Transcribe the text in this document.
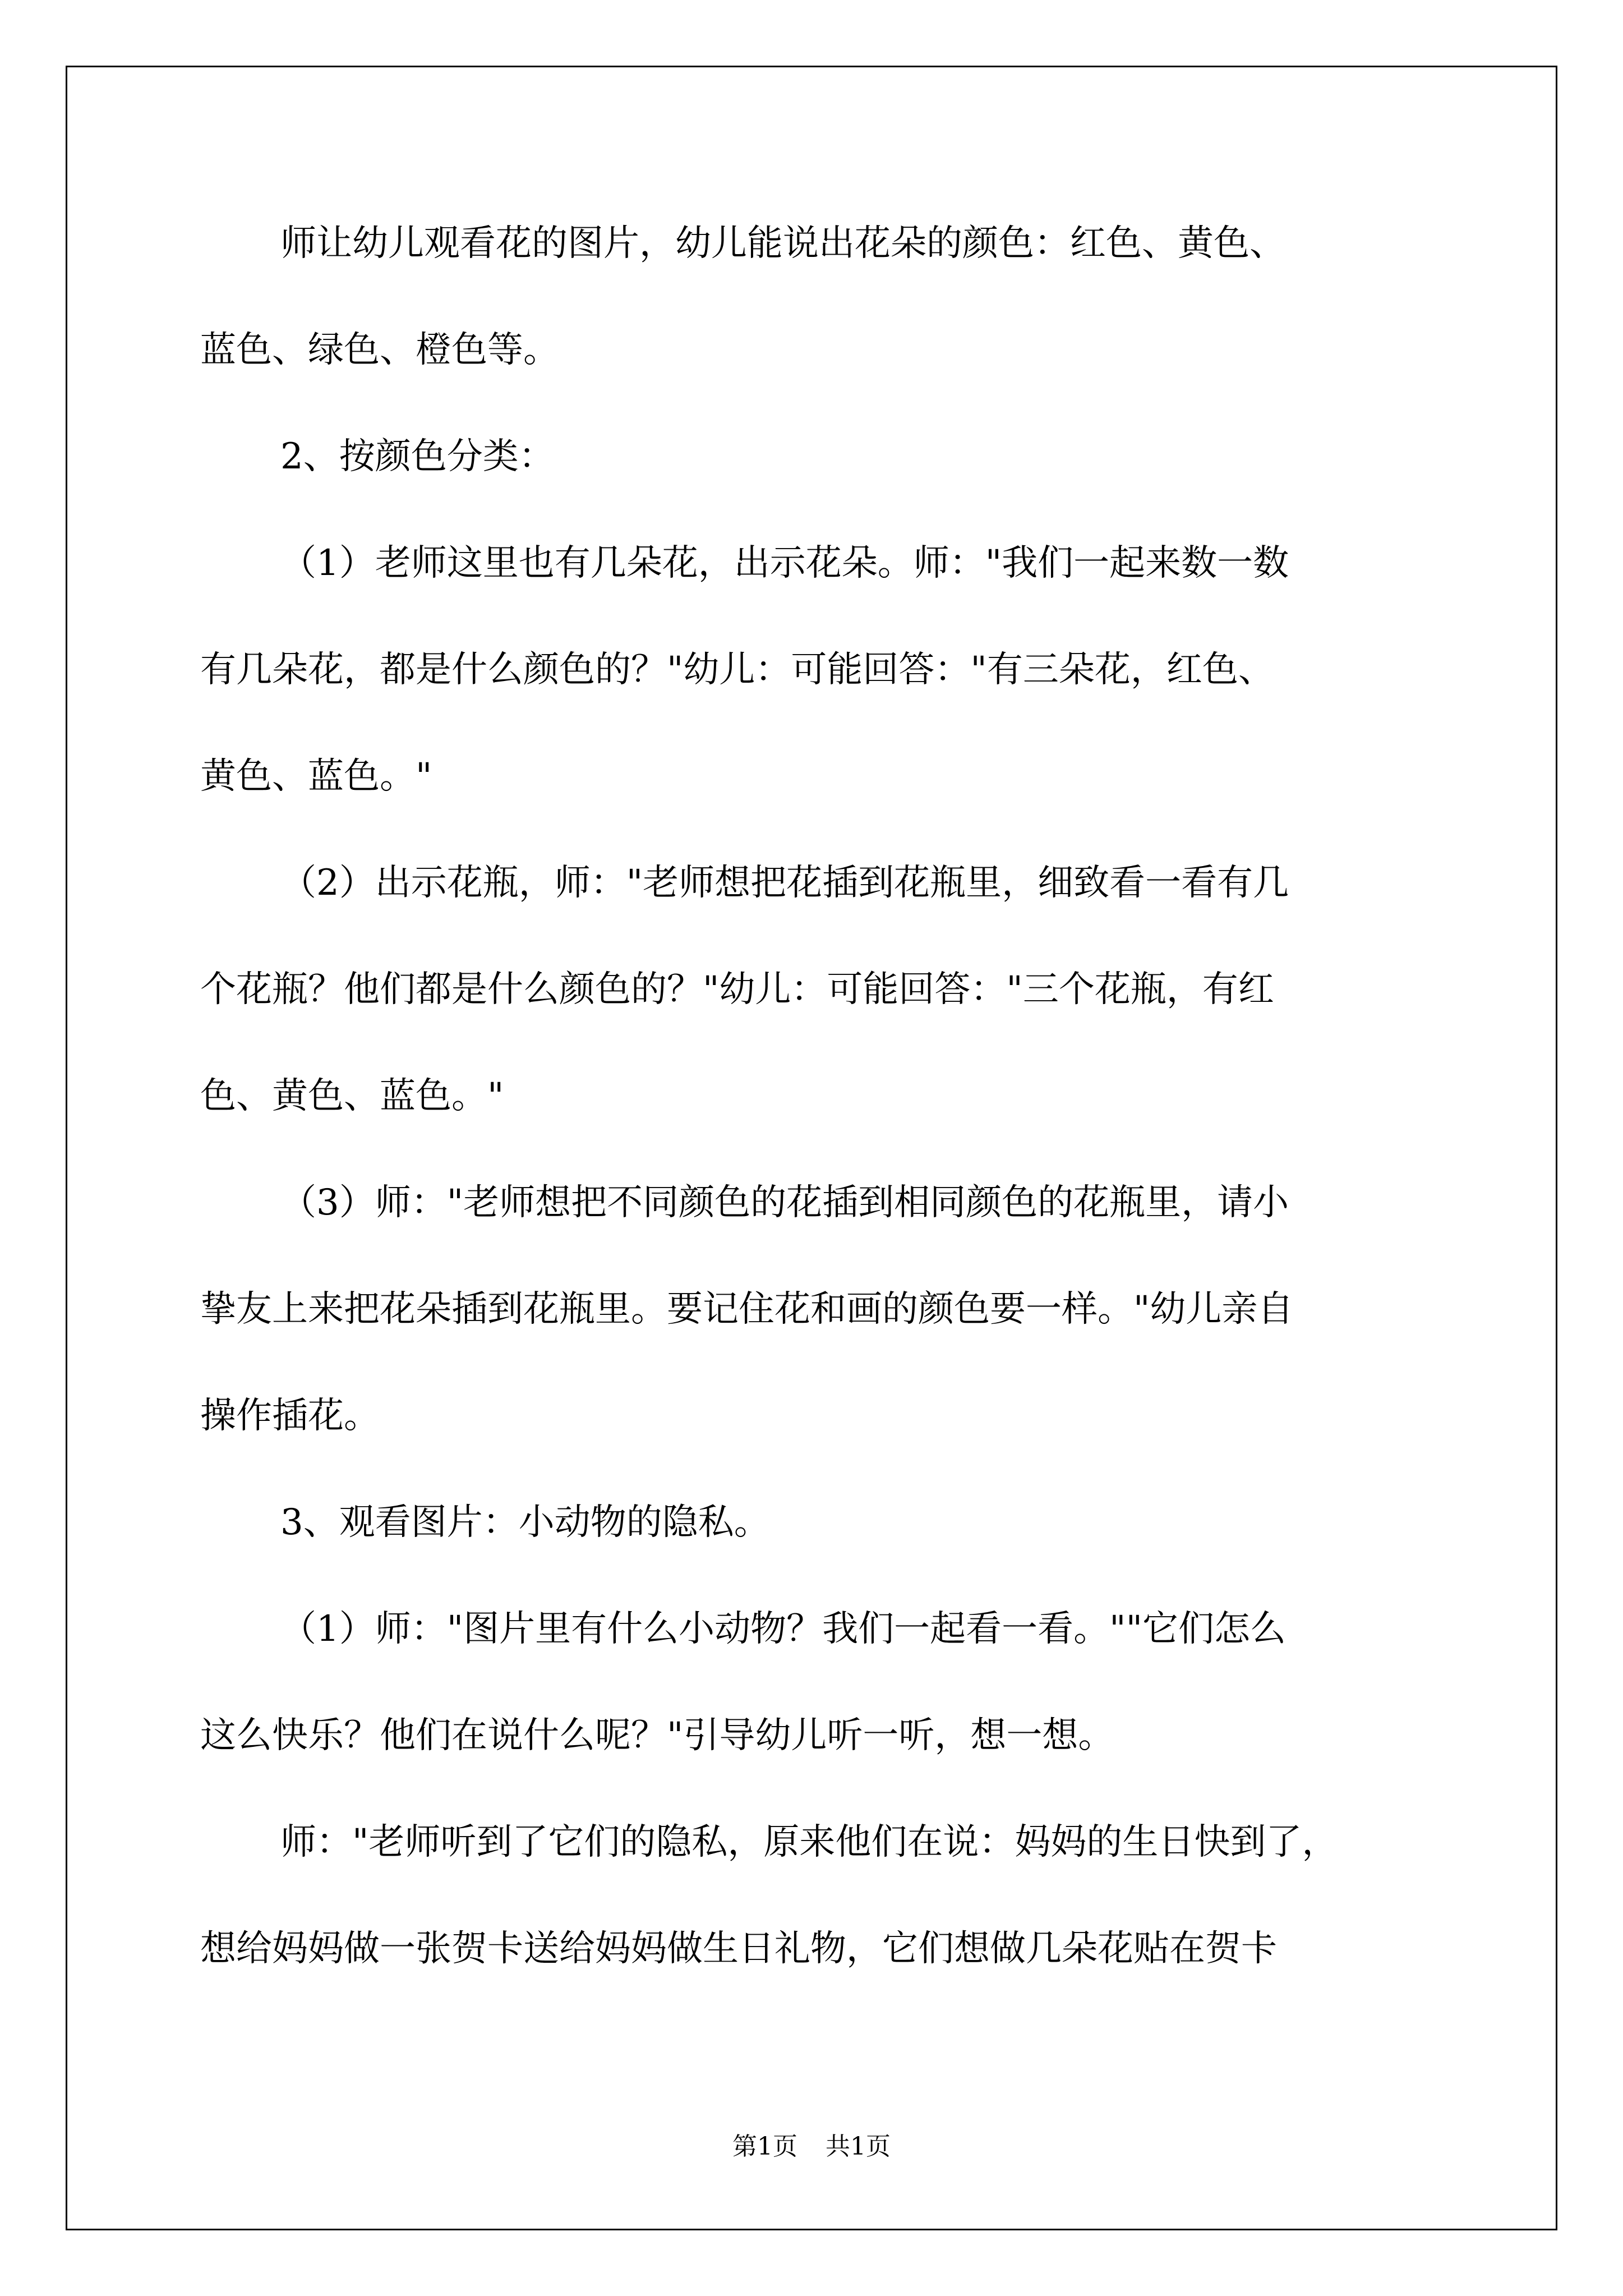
师让幼儿观看花的图片，幼儿能说出花朵的颜色：红色、黄色、

蓝色、绿色、橙色等。

2、按颜色分类：

（1）老师这里也有几朵花，出示花朵。师："我们一起来数一数

有几朵花，都是什么颜色的？"幼儿：可能回答："有三朵花，红色、

黄色、蓝色。"

（2）出示花瓶，师："老师想把花插到花瓶里，细致看一看有几

个花瓶？他们都是什么颜色的？"幼儿：可能回答："三个花瓶，有红

色、黄色、蓝色。"

（3）师："老师想把不同颜色的花插到相同颜色的花瓶里，请小

挚友上来把花朵插到花瓶里。要记住花和画的颜色要一样。"幼儿亲自

操作插花。

3、观看图片：小动物的隐私。

（1）师："图片里有什么小动物？我们一起看一看。""它们怎么

这么快乐？他们在说什么呢？"引导幼儿听一听，想一想。

师："老师听到了它们的隐私，原来他们在说：妈妈的生日快到了，

想给妈妈做一张贺卡送给妈妈做生日礼物，它们想做几朵花贴在贺卡

第1页 共1页
